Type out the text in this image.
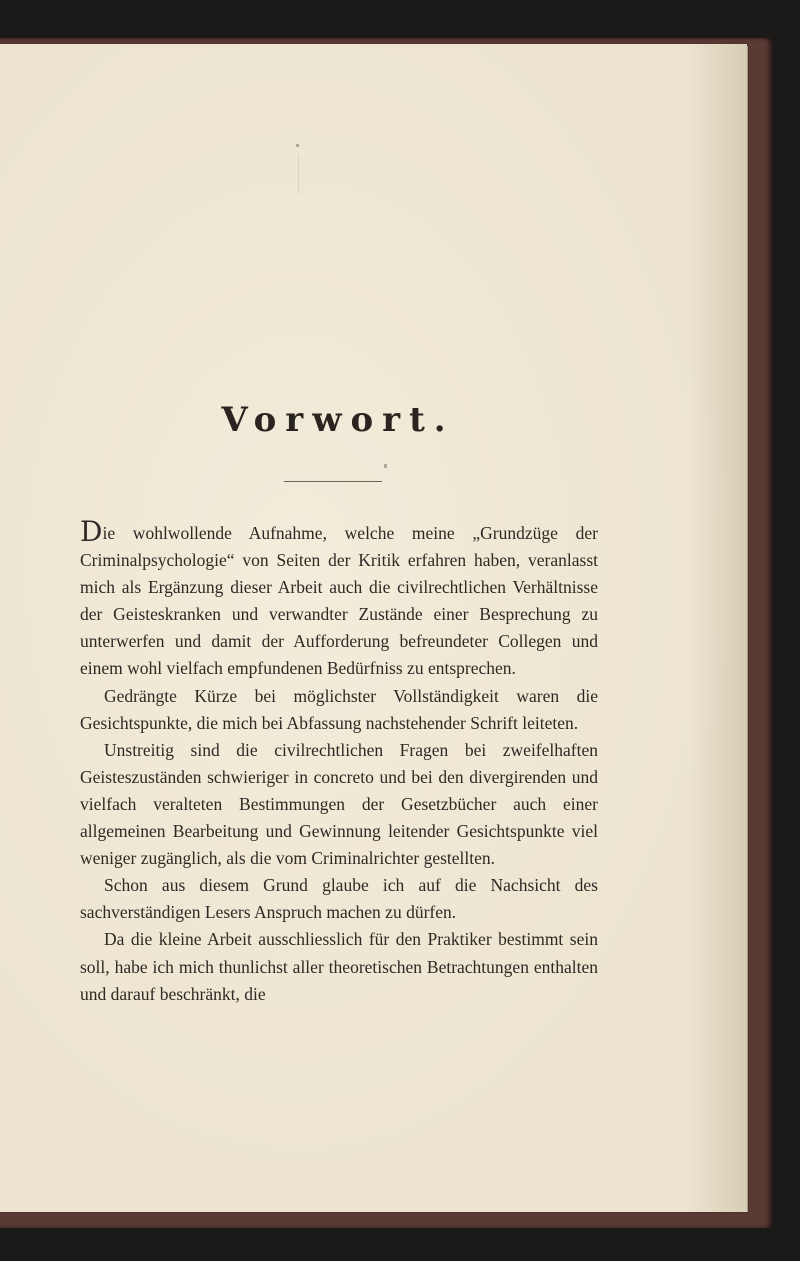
Vorwort.

Die wohlwollende Aufnahme, welche meine „Grundzüge der Criminalpsychologie“ von Seiten der Kritik erfahren haben, veranlasst mich als Ergänzung dieser Arbeit auch die civilrechtlichen Verhältnisse der Geisteskranken und verwandter Zustände einer Besprechung zu unterwerfen und damit der Aufforderung befreundeter Collegen und einem wohl vielfach empfundenen Bedürfniss zu entsprechen.

Gedrängte Kürze bei möglichster Vollständigkeit waren die Gesichtspunkte, die mich bei Abfassung nachstehender Schrift leiteten.

Unstreitig sind die civilrechtlichen Fragen bei zweifelhaften Geisteszuständen schwieriger in concreto und bei den divergirenden und vielfach veralteten Bestimmungen der Gesetzbücher auch einer allgemeinen Bearbeitung und Gewinnung leitender Gesichtspunkte viel weniger zugänglich, als die vom Criminalrichter gestellten.

Schon aus diesem Grund glaube ich auf die Nachsicht des sachverständigen Lesers Anspruch machen zu dürfen.

Da die kleine Arbeit ausschliesslich für den Praktiker bestimmt sein soll, habe ich mich thunlichst aller theoretischen Betrachtungen enthalten und darauf beschränkt, die
